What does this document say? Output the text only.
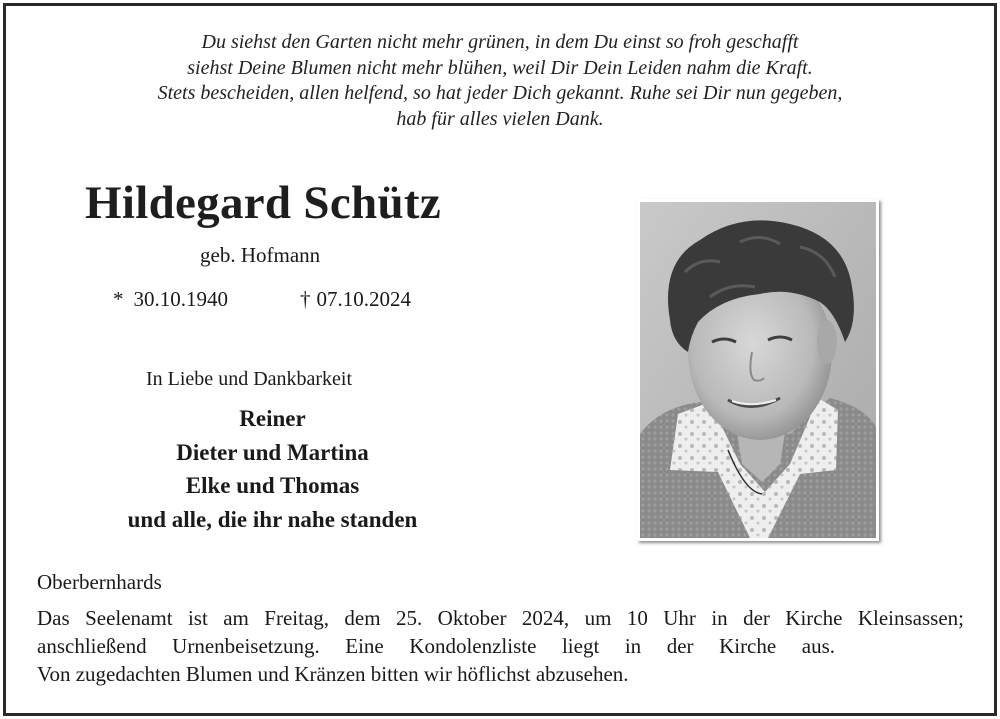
Du siehst den Garten nicht mehr grünen, in dem Du einst so froh geschafft
siehst Deine Blumen nicht mehr blühen, weil Dir Dein Leiden nahm die Kraft.
Stets bescheiden, allen helfend, so hat jeder Dich gekannt. Ruhe sei Dir nun gegeben,
hab für alles vielen Dank.
Hildegard Schütz
geb. Hofmann
* 30.10.1940	† 07.10.2024
In Liebe und Dankbarkeit
Reiner
Dieter und Martina
Elke und Thomas
und alle, die ihr nahe standen
Oberbernhards
Das Seelenamt ist am Freitag, dem 25. Oktober 2024, um 10 Uhr in der Kirche Kleinsassen;
anschließend Urnenbeisetzung. Eine Kondolenzliste liegt in der Kirche aus.
Von zugedachten Blumen und Kränzen bitten wir höflichst abzusehen.
